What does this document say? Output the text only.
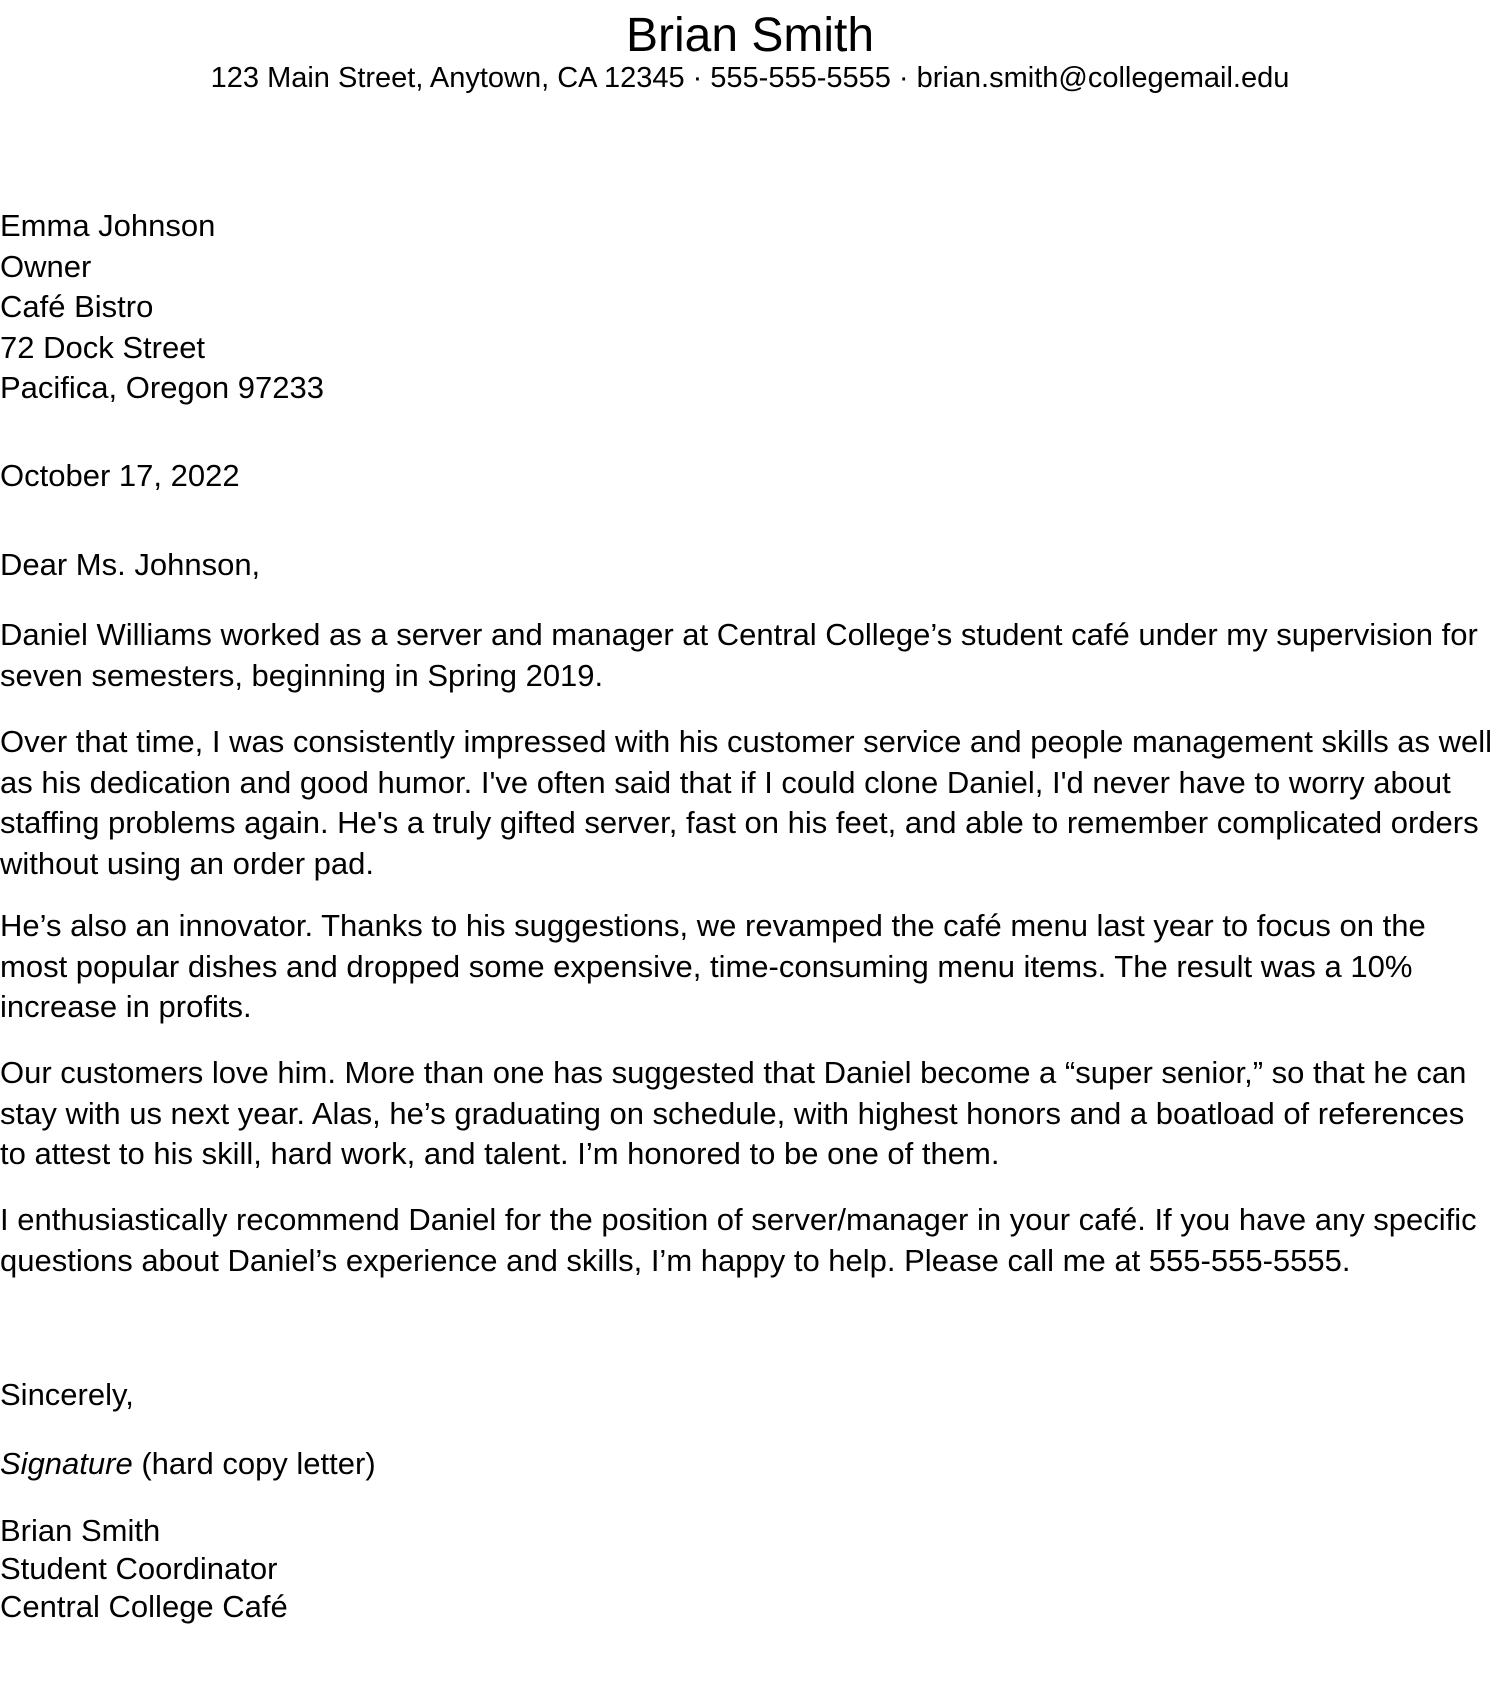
Brian Smith
123 Main Street, Anytown, CA 12345 · 555-555-5555 · brian.smith@collegemail.edu
Emma Johnson
Owner
Café Bistro
72 Dock Street
Pacifica, Oregon 97233
October 17, 2022
Dear Ms. Johnson,

Daniel Williams worked as a server and manager at Central College’s student café under my supervision for seven semesters, beginning in Spring 2019.

Over that time, I was consistently impressed with his customer service and people management skills as well as his dedication and good humor. I've often said that if I could clone Daniel, I'd never have to worry about staffing problems again. He's a truly gifted server, fast on his feet, and able to remember complicated orders without using an order pad.

He’s also an innovator. Thanks to his suggestions, we revamped the café menu last year to focus on the most popular dishes and dropped some expensive, time-consuming menu items. The result was a 10% increase in profits.

Our customers love him. More than one has suggested that Daniel become a “super senior,” so that he can stay with us next year. Alas, he’s graduating on schedule, with highest honors and a boatload of references to attest to his skill, hard work, and talent. I’m honored to be one of them.

I enthusiastically recommend Daniel for the position of server/manager in your café. If you have any specific questions about Daniel’s experience and skills, I’m happy to help. Please call me at 555-555-5555.

Sincerely,
Signature (hard copy letter)
Brian Smith
Student Coordinator
Central College Café
